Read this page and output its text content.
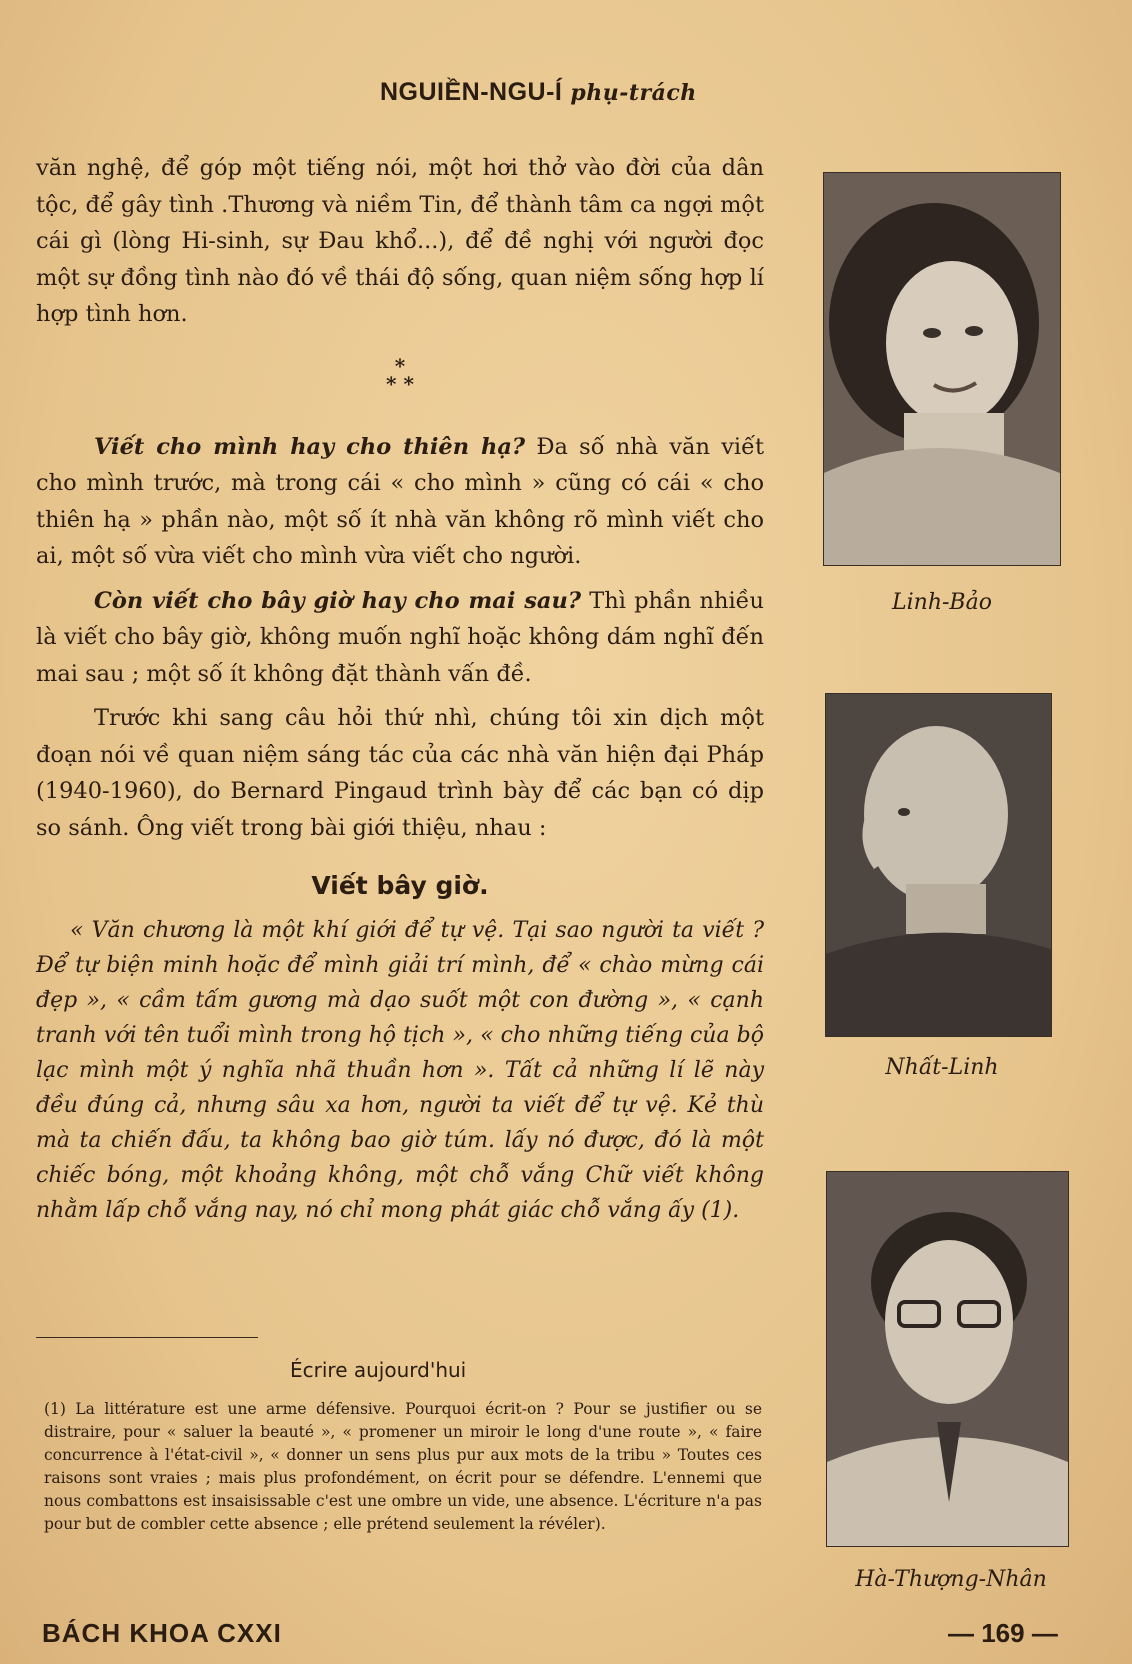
NGUIỀN-NGU-Í phụ-trách

văn nghệ, để góp một tiếng nói, một hơi thở vào đời của dân tộc, để gây tình .Thương và niềm Tin, để thành tâm ca ngợi một cái gì (lòng Hi-sinh, sự Đau khổ...), để đề nghị với người đọc một sự đồng tình nào đó về thái độ sống, quan niệm sống hợp lí hợp tình hơn.

*
* *

Viết cho mình hay cho thiên hạ? Đa số nhà văn viết cho mình trước, mà trong cái « cho mình » cũng có cái « cho thiên hạ » phần nào, một số ít nhà văn không rõ mình viết cho ai, một số vừa viết cho mình vừa viết cho người.

Còn viết cho bây giờ hay cho mai sau? Thì phần nhiều là viết cho bây giờ, không muốn nghĩ hoặc không dám nghĩ đến mai sau ; một số ít không đặt thành vấn đề.

Trước khi sang câu hỏi thứ nhì, chúng tôi xin dịch một đoạn nói về quan niệm sáng tác của các nhà văn hiện đại Pháp (1940-1960), do Bernard Pingaud trình bày để các bạn có dịp so sánh. Ông viết trong bài giới thiệu, nhau :

Viết bây giờ.

« Văn chương là một khí giới để tự vệ. Tại sao người ta viết ? Để tự biện minh hoặc để mình giải trí mình, để « chào mừng cái đẹp », « cầm tấm gương mà dạo suốt một con đường », « cạnh tranh với tên tuổi mình trong hộ tịch », « cho những tiếng của bộ lạc mình một ý nghĩa nhã thuần hơn ». Tất cả những lí lẽ này đều đúng cả, nhưng sâu xa hơn, người ta viết để tự vệ. Kẻ thù mà ta chiến đấu, ta không bao giờ túm. lấy nó được, đó là một chiếc bóng, một khoảng không, một chỗ vắng Chữ viết không nhằm lấp chỗ vắng nay, nó chỉ mong phát giác chỗ vắng ấy (1).

Écrire aujourd'hui
(1) La littérature est une arme défensive. Pourquoi écrit-on ? Pour se justifier ou se distraire, pour « saluer la beauté », « promener un miroir le long d'une route », « faire concurrence à l'état-civil », « donner un sens plus pur aux mots de la tribu » Toutes ces raisons sont vraies ; mais plus profondément, on écrit pour se défendre. L'ennemi que nous combattons est insaisissable c'est une ombre un vide, une absence. L'écriture n'a pas pour but de combler cette absence ; elle prétend seulement la révéler).
Linh-Bảo
Nhất-Linh
Hà-Thượng-Nhân
BÁCH KHOA CXXI	— 169 —
